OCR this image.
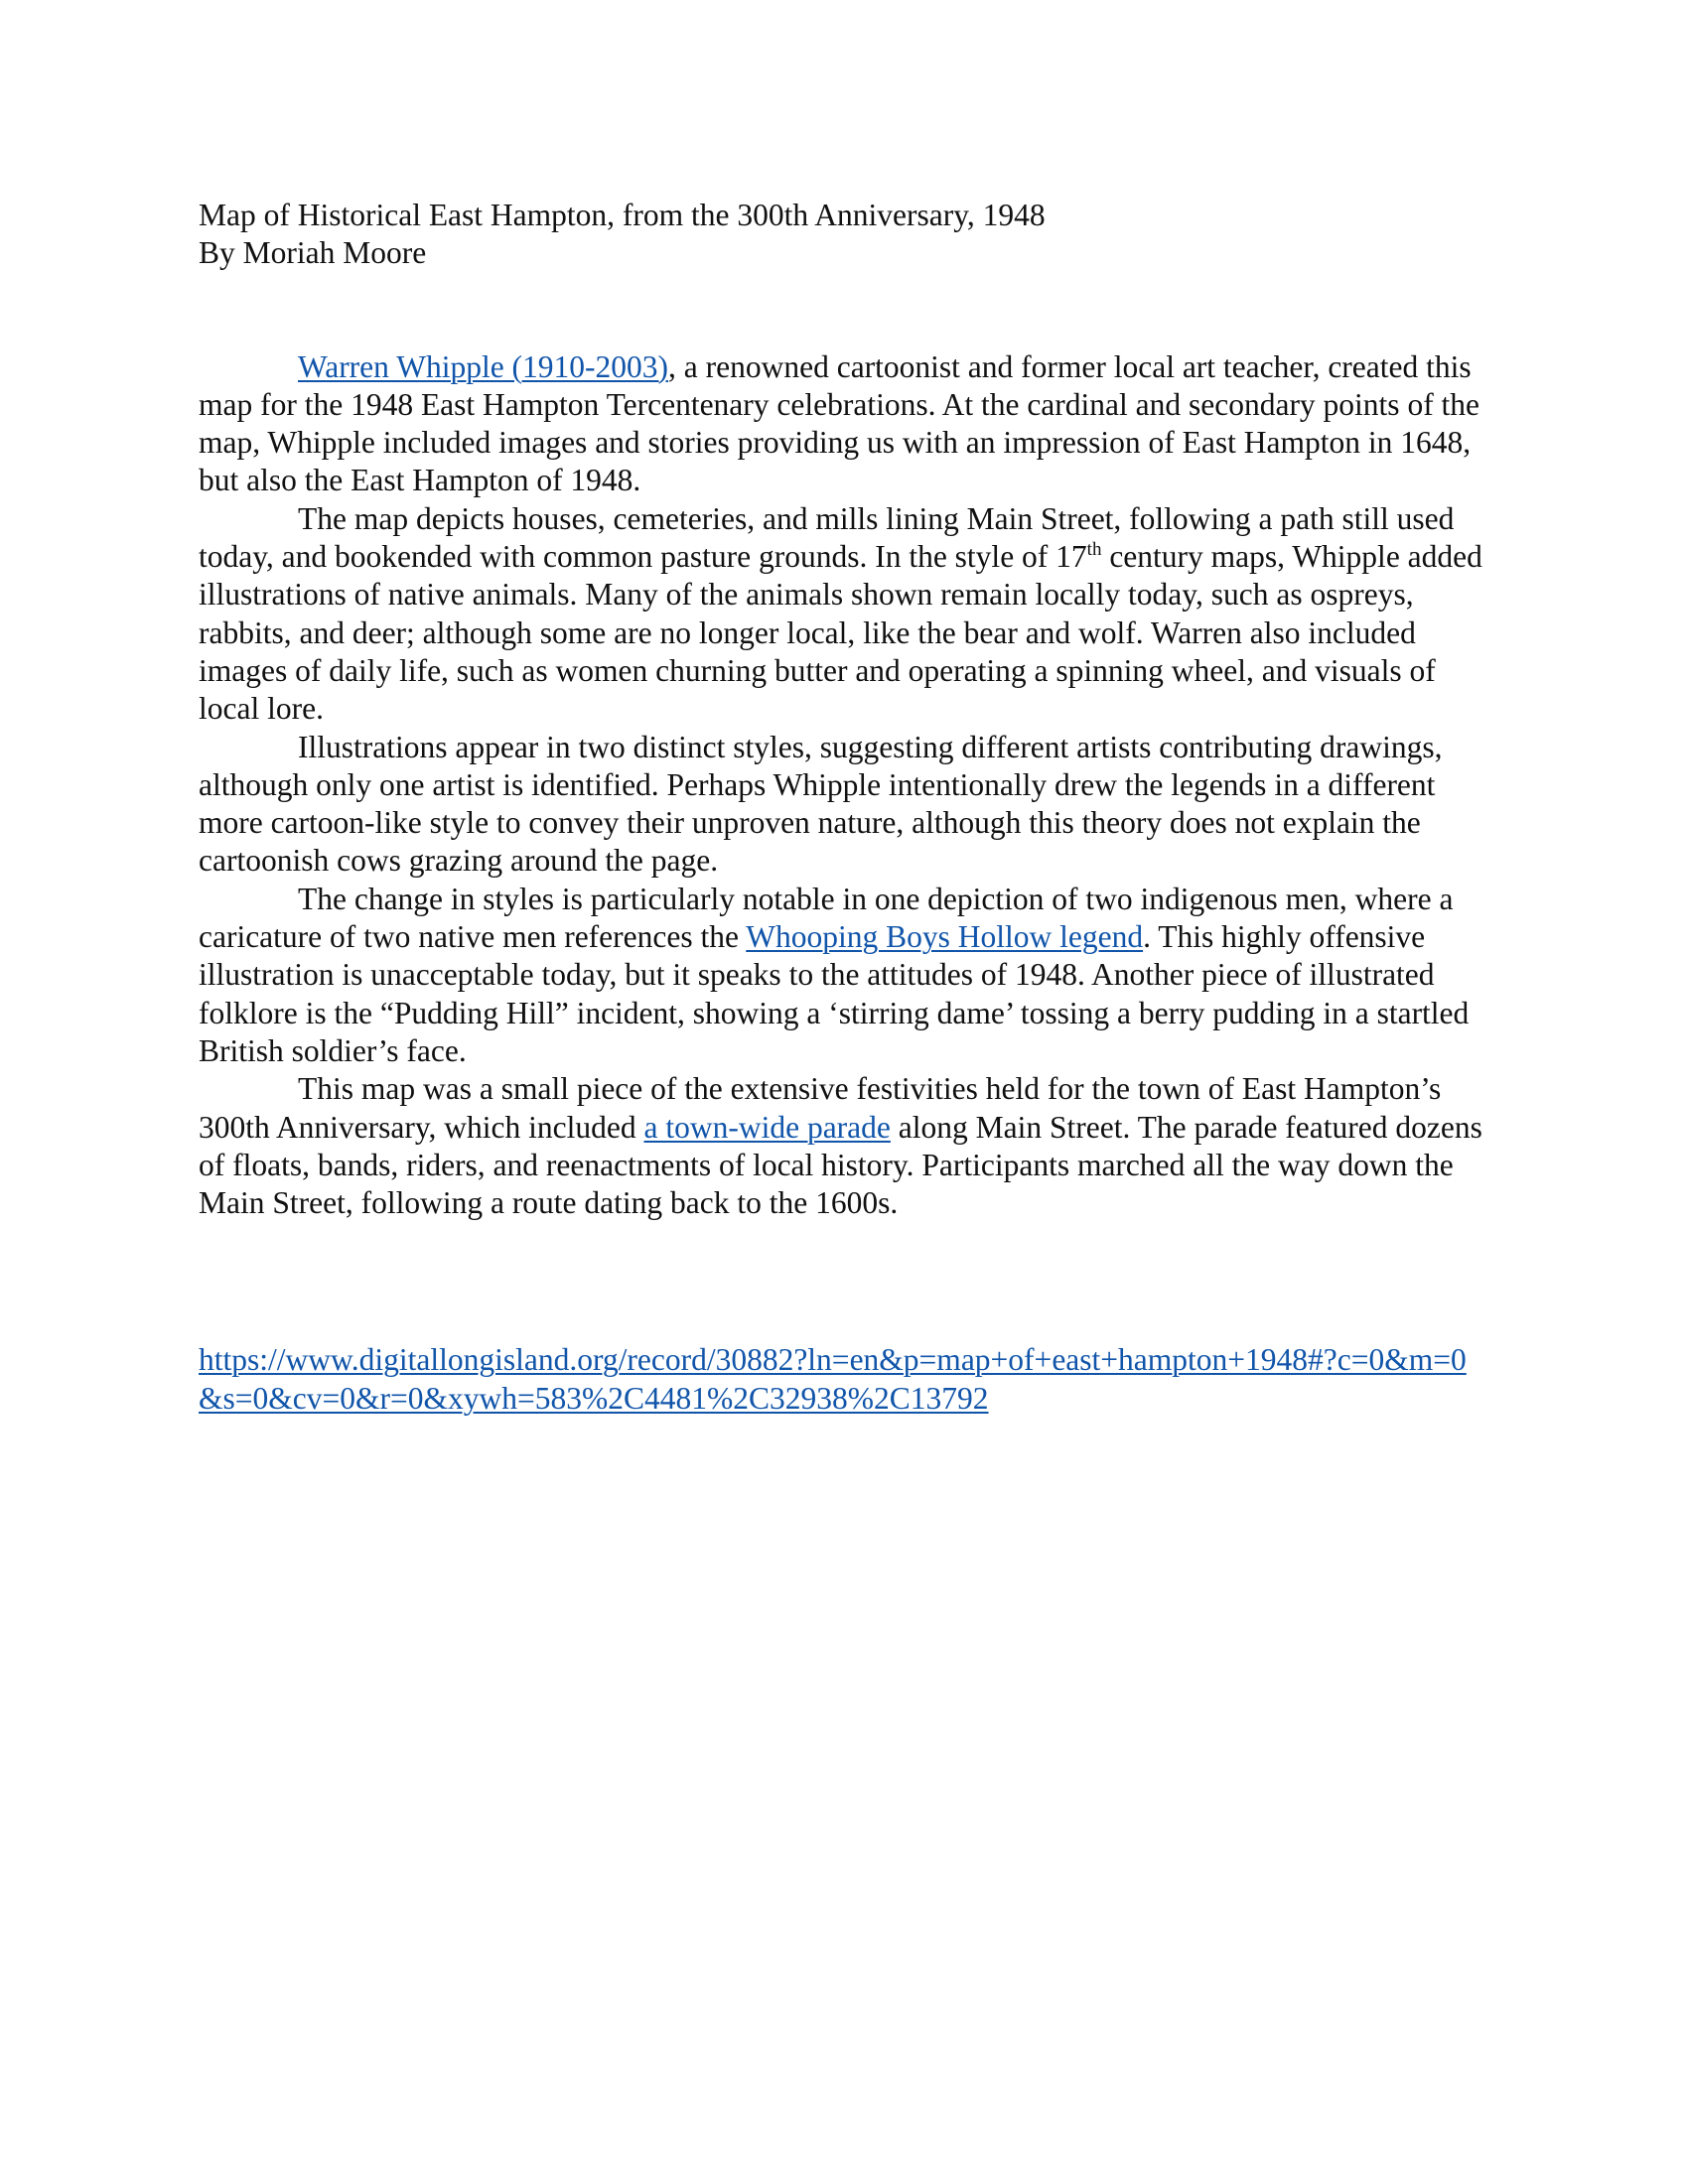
Map of Historical East Hampton, from the 300th Anniversary, 1948
By Moriah Moore

Warren Whipple (1910-2003), a renowned cartoonist and former local art teacher, created this map for the 1948 East Hampton Tercentenary celebrations. At the cardinal and secondary points of the map, Whipple included images and stories providing us with an impression of East Hampton in 1648, but also the East Hampton of 1948.

The map depicts houses, cemeteries, and mills lining Main Street, following a path still used today, and bookended with common pasture grounds. In the style of 17th century maps, Whipple added illustrations of native animals. Many of the animals shown remain locally today, such as ospreys, rabbits, and deer; although some are no longer local, like the bear and wolf. Warren also included images of daily life, such as women churning butter and operating a spinning wheel, and visuals of local lore.

Illustrations appear in two distinct styles, suggesting different artists contributing drawings, although only one artist is identified. Perhaps Whipple intentionally drew the legends in a different more cartoon-like style to convey their unproven nature, although this theory does not explain the cartoonish cows grazing around the page.

The change in styles is particularly notable in one depiction of two indigenous men, where a caricature of two native men references the Whooping Boys Hollow legend. This highly offensive illustration is unacceptable today, but it speaks to the attitudes of 1948. Another piece of illustrated folklore is the “Pudding Hill” incident, showing a ‘stirring dame’ tossing a berry pudding in a startled British soldier’s face.

This map was a small piece of the extensive festivities held for the town of East Hampton’s 300th Anniversary, which included a town-wide parade along Main Street. The parade featured dozens of floats, bands, riders, and reenactments of local history. Participants marched all the way down the Main Street, following a route dating back to the 1600s.

https://www.digitallongisland.org/record/30882?ln=en&p=map+of+east+hampton+1948#?c=0&m=0&s=0&cv=0&r=0&xywh=583%2C4481%2C32938%2C13792
